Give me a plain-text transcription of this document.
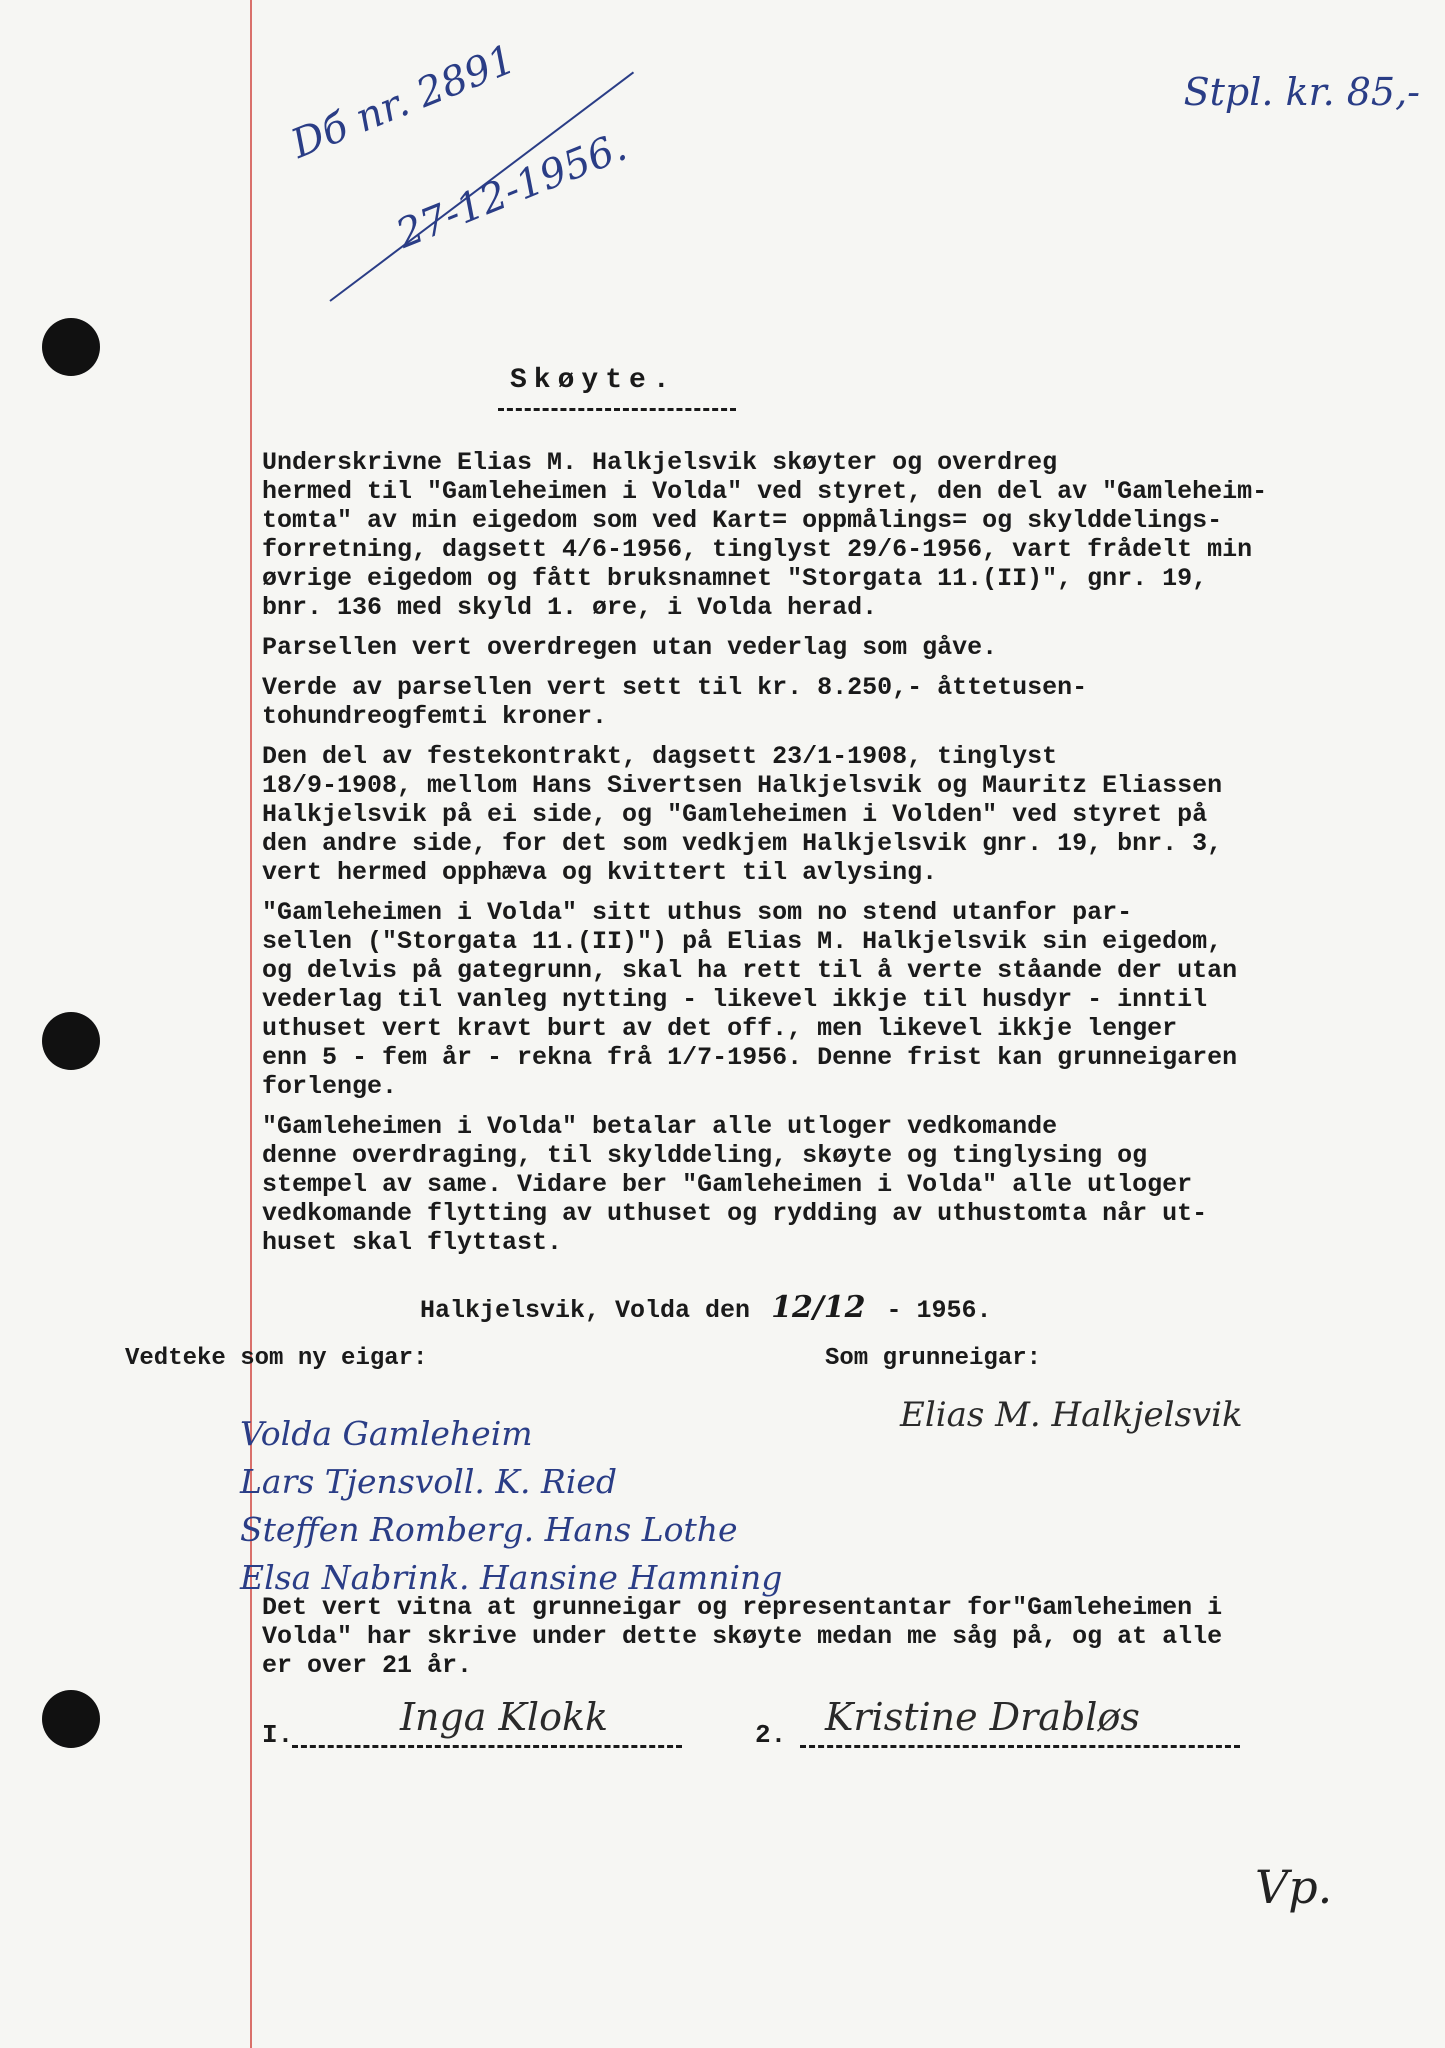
Dб nr. 2891
27-12-1956.
Stpl. kr. 85,-
Skøyte.

Underskrivne Elias M. Halkjelsvik skøyter og overdreg
hermed til "Gamleheimen i Volda" ved styret, den del av "Gamleheim-
tomta" av min eigedom som ved Kart= oppmålings= og skylddelings-
forretning, dagsett 4/6-1956, tinglyst 29/6-1956, vart frådelt min
øvrige eigedom og fått bruksnamnet "Storgata 11.(II)", gnr. 19,
bnr. 136 med skyld 1. øre, i Volda herad.

Parsellen vert overdregen utan vederlag som gåve.

Verde av parsellen vert sett til kr. 8.250,- åttetusen-
tohundreogfemti kroner.

Den del av festekontrakt, dagsett 23/1-1908, tinglyst
18/9-1908, mellom Hans Sivertsen Halkjelsvik og Mauritz Eliassen
Halkjelsvik på ei side, og "Gamleheimen i Volden" ved styret på
den andre side, for det som vedkjem Halkjelsvik gnr. 19, bnr. 3,
vert hermed opphæva og kvittert til avlysing.

"Gamleheimen i Volda" sitt uthus som no stend utanfor par-
sellen ("Storgata 11.(II)") på Elias M. Halkjelsvik sin eigedom,
og delvis på gategrunn, skal ha rett til å verte ståande der utan
vederlag til vanleg nytting - likevel ikkje til husdyr - inntil
uthuset vert kravt burt av det off., men likevel ikkje lenger
enn 5 - fem år - rekna frå 1/7-1956. Denne frist kan grunneigaren
forlenge.

"Gamleheimen i Volda" betalar alle utloger vedkomande
denne overdraging, til skylddeling, skøyte og tinglysing og
stempel av same. Vidare ber "Gamleheimen i Volda" alle utloger
vedkomande flytting av uthuset og rydding av uthustomta når ut-
huset skal flyttast.

Halkjelsvik, Volda den 12/12 - 1956.
Vedteke som ny eigar:	Som grunneigar:
Elias M. Halkjelsvik
Volda Gamleheim
Lars Tjensvoll. K. Ried
Steffen Romberg. Hans Lothe
Elsa Nabrink. Hansine Hamning
Det vert vitna at grunneigar og representantar for"Gamleheimen i
Volda" har skrive under dette skøyte medan me såg på, og at alle
er over 21 år.
I.	Inga Klokk	2. Kristine Drabløs
Vp.
